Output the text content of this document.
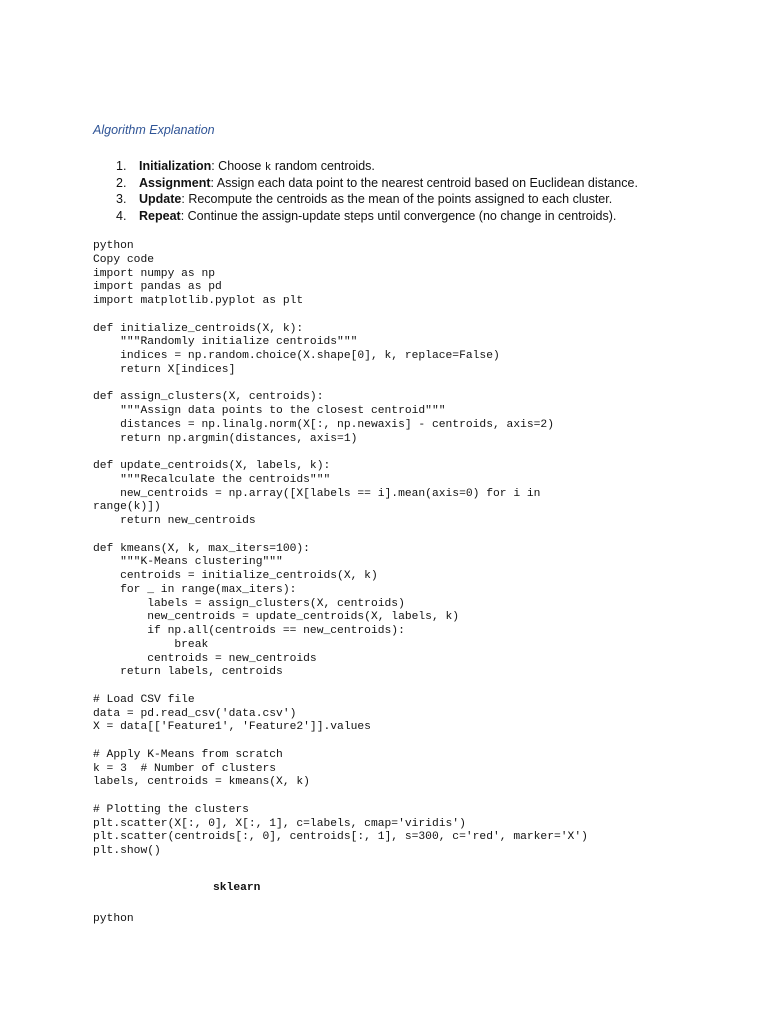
Algorithm Explanation
1. Initialization: Choose k random centroids.
2. Assignment: Assign each data point to the nearest centroid based on Euclidean distance.
3. Update: Recompute the centroids as the mean of the points assigned to each cluster.
4. Repeat: Continue the assign-update steps until convergence (no change in centroids).
python
Copy code
import numpy as np
import pandas as pd
import matplotlib.pyplot as plt

def initialize_centroids(X, k):
"""Randomly initialize centroids"""
indices = np.random.choice(X.shape[0], k, replace=False)
return X[indices]

def assign_clusters(X, centroids):
"""Assign data points to the closest centroid"""
distances = np.linalg.norm(X[:, np.newaxis] - centroids, axis=2)
return np.argmin(distances, axis=1)

def update_centroids(X, labels, k):
"""Recalculate the centroids"""
new_centroids = np.array([X[labels == i].mean(axis=0) for i in
range(k)])
return new_centroids

def kmeans(X, k, max_iters=100):
"""K-Means clustering"""
centroids = initialize_centroids(X, k)
for _ in range(max_iters):
labels = assign_clusters(X, centroids)
new_centroids = update_centroids(X, labels, k)
if np.all(centroids == new_centroids):
break
centroids = new_centroids
return labels, centroids

# Load CSV file
data = pd.read_csv('data.csv')
X = data[['Feature1', 'Feature2']].values

# Apply K-Means from scratch
k = 3  # Number of clusters
labels, centroids = kmeans(X, k)

# Plotting the clusters
plt.scatter(X[:, 0], X[:, 1], c=labels, cmap='viridis')
plt.scatter(centroids[:, 0], centroids[:, 1], s=300, c='red', marker='X')
plt.show()
sklearn
python
